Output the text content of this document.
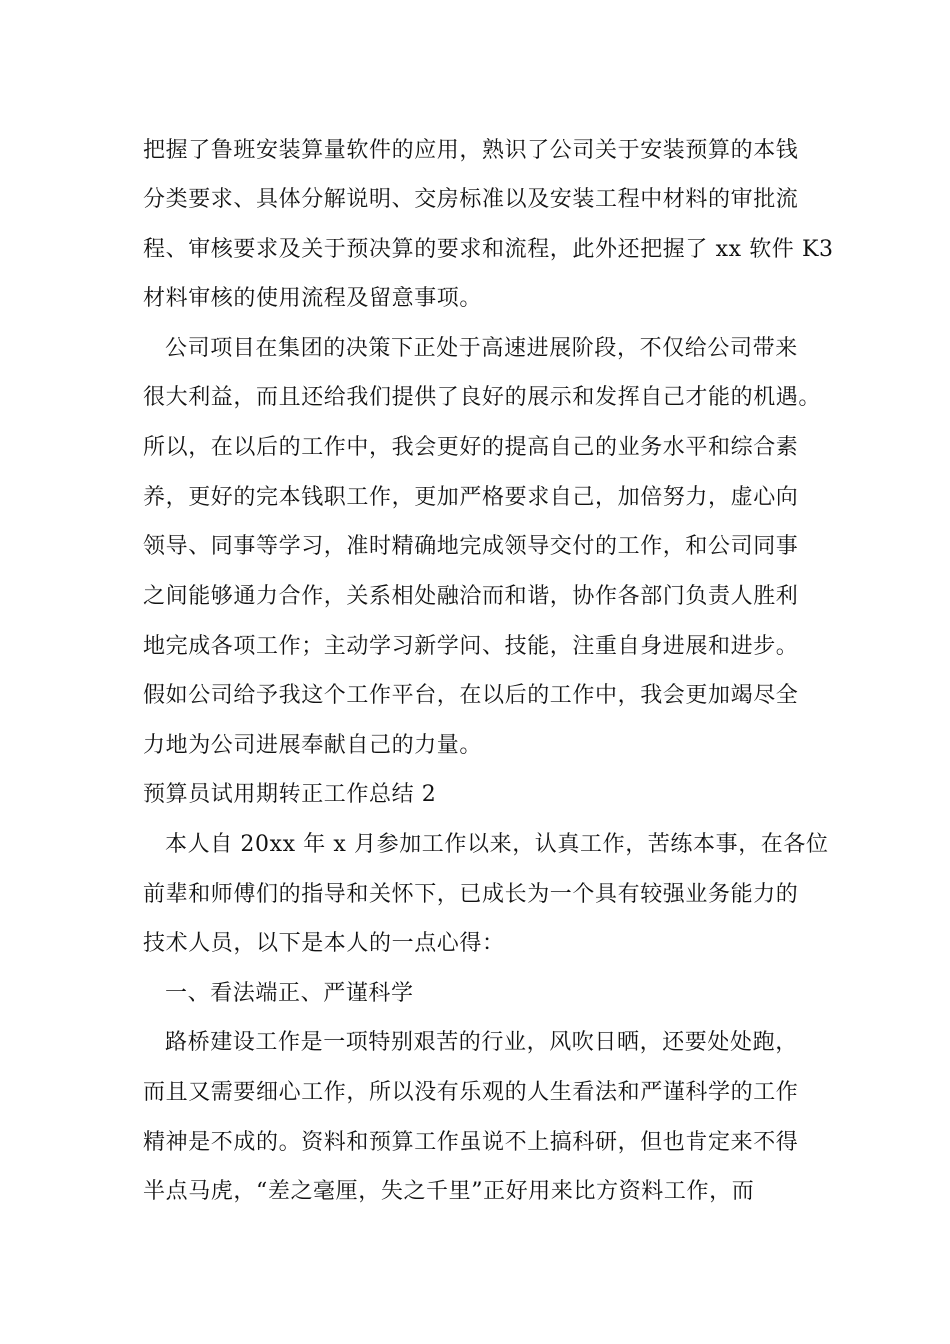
把握了鲁班安装算量软件的应用，熟识了公司关于安装预算的本钱
分类要求、具体分解说明、交房标准以及安装工程中材料的审批流
程、审核要求及关于预决算的要求和流程，此外还把握了 xx 软件 K3
材料审核的使用流程及留意事项。
公司项目在集团的决策下正处于高速进展阶段，不仅给公司带来
很大利益，而且还给我们提供了良好的展示和发挥自己才能的机遇。
所以，在以后的工作中，我会更好的提高自己的业务水平和综合素
养，更好的完本钱职工作，更加严格要求自己，加倍努力，虚心向
领导、同事等学习，准时精确地完成领导交付的工作，和公司同事
之间能够通力合作，关系相处融洽而和谐，协作各部门负责人胜利
地完成各项工作；主动学习新学问、技能，注重自身进展和进步。
假如公司给予我这个工作平台，在以后的工作中，我会更加竭尽全
力地为公司进展奉献自己的力量。
预算员试用期转正工作总结 2
本人自 20xx 年 x 月参加工作以来，认真工作，苦练本事，在各位
前辈和师傅们的指导和关怀下，已成长为一个具有较强业务能力的
技术人员，以下是本人的一点心得：
一、看法端正、严谨科学
路桥建设工作是一项特别艰苦的行业，风吹日晒，还要处处跑，
而且又需要细心工作，所以没有乐观的人生看法和严谨科学的工作
精神是不成的。资料和预算工作虽说不上搞科研，但也肯定来不得
半点马虎，“差之毫厘，失之千里”正好用来比方资料工作，而
